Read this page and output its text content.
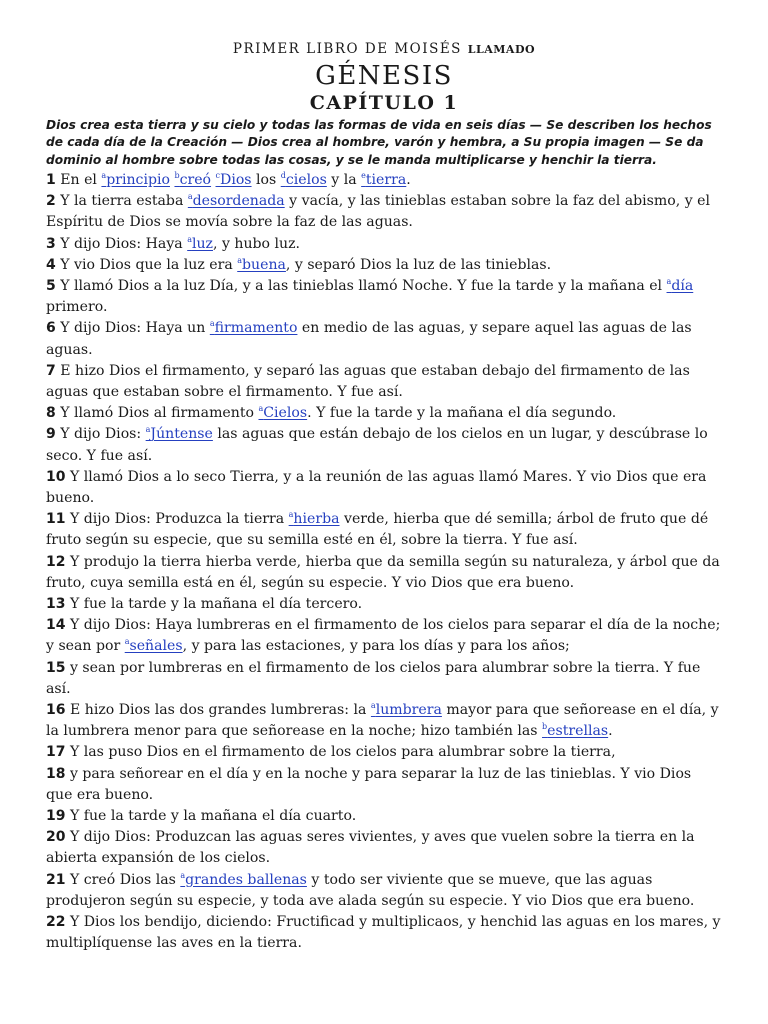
PRIMER LIBRO DE MOISÉS LLAMADO

GÉNESIS
CAPÍTULO 1

Dios crea esta tierra y su cielo y todas las formas de vida en seis días — Se describen los hechos de cada día de la Creación — Dios crea al hombre, varón y hembra, a Su propia imagen — Se da dominio al hombre sobre todas las cosas, y se le manda multiplicarse y henchir la tierra.

1 En el $^a$principio $^b$creó $^c$Dios los $^d$cielos y la $^e$tierra.

2 Y la tierra estaba $^a$desordenada y vacía, y las tinieblas estaban sobre la faz del abismo, y el Espíritu de Dios se movía sobre la faz de las aguas.

3 Y dijo Dios: Haya $^a$luz, y hubo luz.

4 Y vio Dios que la luz era $^a$buena, y separó Dios la luz de las tinieblas.

5 Y llamó Dios a la luz Día, y a las tinieblas llamó Noche. Y fue la tarde y la mañana el $^a$día primero.

6 Y dijo Dios: Haya un $^a$firmamento en medio de las aguas, y separe aquel las aguas de las aguas.

7 E hizo Dios el firmamento, y separó las aguas que estaban debajo del firmamento de las aguas que estaban sobre el firmamento. Y fue así.

8 Y llamó Dios al firmamento $^a$Cielos. Y fue la tarde y la mañana el día segundo.

9 Y dijo Dios: $^a$Júntense las aguas que están debajo de los cielos en un lugar, y descúbrase lo seco. Y fue así.

10 Y llamó Dios a lo seco Tierra, y a la reunión de las aguas llamó Mares. Y vio Dios que era bueno.

11 Y dijo Dios: Produzca la tierra $^a$hierba verde, hierba que dé semilla; árbol de fruto que dé fruto según su especie, que su semilla esté en él, sobre la tierra. Y fue así.

12 Y produjo la tierra hierba verde, hierba que da semilla según su naturaleza, y árbol que da fruto, cuya semilla está en él, según su especie. Y vio Dios que era bueno.

13 Y fue la tarde y la mañana el día tercero.

14 Y dijo Dios: Haya lumbreras en el firmamento de los cielos para separar el día de la noche; y sean por $^a$señales, y para las estaciones, y para los días y para los años;

15 y sean por lumbreras en el firmamento de los cielos para alumbrar sobre la tierra. Y fue así.

16 E hizo Dios las dos grandes lumbreras: la $^a$lumbrera mayor para que señorease en el día, y la lumbrera menor para que señorease en la noche; hizo también las $^b$estrellas.

17 Y las puso Dios en el firmamento de los cielos para alumbrar sobre la tierra,

18 y para señorear en el día y en la noche y para separar la luz de las tinieblas. Y vio Dios que era bueno.

19 Y fue la tarde y la mañana el día cuarto.

20 Y dijo Dios: Produzcan las aguas seres vivientes, y aves que vuelen sobre la tierra en la abierta expansión de los cielos.

21 Y creó Dios las $^a$grandes ballenas y todo ser viviente que se mueve, que las aguas produjeron según su especie, y toda ave alada según su especie. Y vio Dios que era bueno.

22 Y Dios los bendijo, diciendo: Fructificad y multiplicaos, y henchid las aguas en los mares, y multiplíquense las aves en la tierra.
